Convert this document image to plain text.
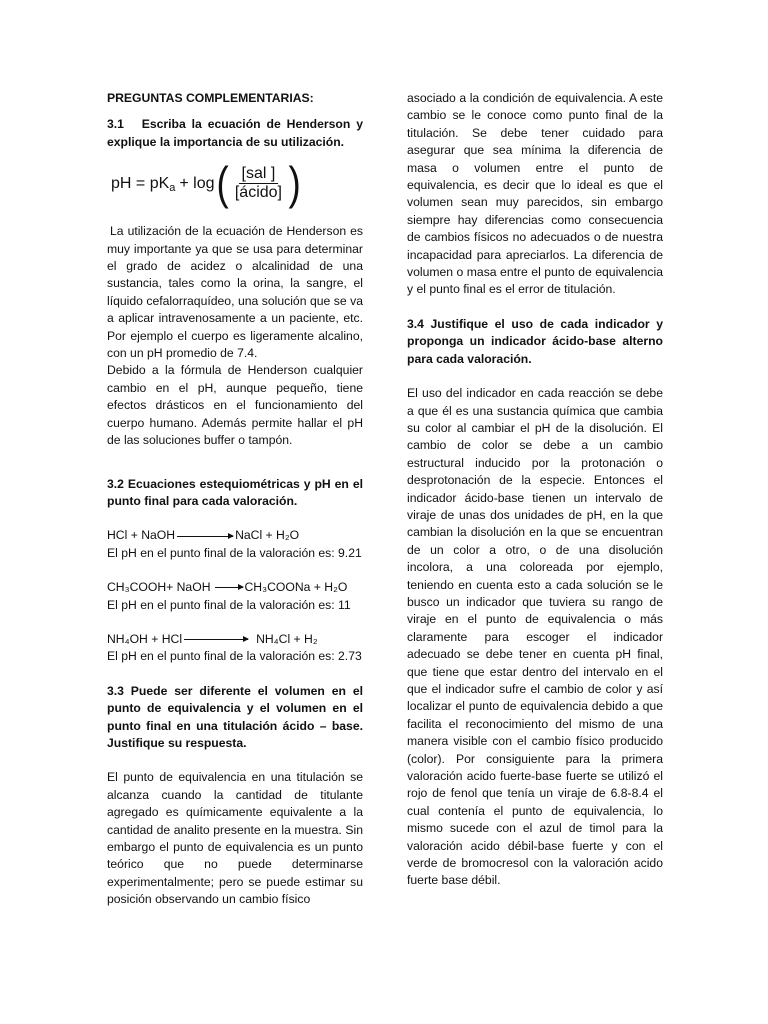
PREGUNTAS COMPLEMENTARIAS:

3.1 Escriba la ecuación de Henderson y explique la importancia de su utilización.

pH = $pK_a + \log$ ( $\frac{\text{[sal ]}}{\text{[ácido]}}$ )

La utilización de la ecuación de Henderson es muy importante ya que se usa para determinar el grado de acidez o alcalinidad de una sustancia, tales como la orina, la sangre, el líquido cefalorraquídeo, una solución que se va a aplicar intravenosamente a un paciente, etc. Por ejemplo el cuerpo es ligeramente alcalino, con un pH promedio de 7.4.

Debido a la fórmula de Henderson cualquier cambio en el pH, aunque pequeño, tiene efectos drásticos en el funcionamiento del cuerpo humano. Además permite hallar el pH de las soluciones buffer o tampón.

3.2 Ecuaciones estequiométricas y pH en el punto final para cada valoración.

HCl + NaOH	NaCl + H₂O

El pH en el punto final de la valoración es: 9.21

CH₃COOH+ NaOH → CH₃COONa + H₂O

El pH en el punto final de la valoración es: 11

NH₄OH + HCl	NH₄Cl + H₂

El pH en el punto final de la valoración es: 2.73

3.3 Puede ser diferente el volumen en el punto de equivalencia y el volumen en el punto final en una titulación ácido – base. Justifique su respuesta.

El punto de equivalencia en una titulación se alcanza cuando la cantidad de titulante agregado es químicamente equivalente a la cantidad de analito presente en la muestra. Sin embargo el punto de equivalencia es un punto teórico que no puede determinarse experimentalmente; pero se puede estimar su posición observando un cambio físico

asociado a la condición de equivalencia. A este cambio se le conoce como punto final de la titulación. Se debe tener cuidado para asegurar que sea mínima la diferencia de masa o volumen entre el punto de equivalencia, es decir que lo ideal es que el volumen sean muy parecidos, sin embargo siempre hay diferencias como consecuencia de cambios físicos no adecuados o de nuestra incapacidad para apreciarlos. La diferencia de volumen o masa entre el punto de equivalencia y el punto final es el error de titulación.

3.4 Justifique el uso de cada indicador y proponga un indicador ácido-base alterno para cada valoración.

El uso del indicador en cada reacción se debe a que él es una sustancia química que cambia su color al cambiar el pH de la disolución. El cambio de color se debe a un cambio estructural inducido por la protonación o desprotonación de la especie. Entonces el indicador ácido-base tienen un intervalo de viraje de unas dos unidades de pH, en la que cambian la disolución en la que se encuentran de un color a otro, o de una disolución incolora, a una coloreada por ejemplo, teniendo en cuenta esto a cada solución se le busco un indicador que tuviera su rango de viraje en el punto de equivalencia o más claramente para escoger el indicador adecuado se debe tener en cuenta pH final, que tiene que estar dentro del intervalo en el que el indicador sufre el cambio de color y así localizar el punto de equivalencia debido a que facilita el reconocimiento del mismo de una manera visible con el cambio físico producido (color). Por consiguiente para la primera valoración acido fuerte-base fuerte se utilizó el rojo de fenol que tenía un viraje de 6.8-8.4 el cual contenía el punto de equivalencia, lo mismo sucede con el azul de timol para la valoración acido débil-base fuerte y con el verde de bromocresol con la valoración acido fuerte base débil.
